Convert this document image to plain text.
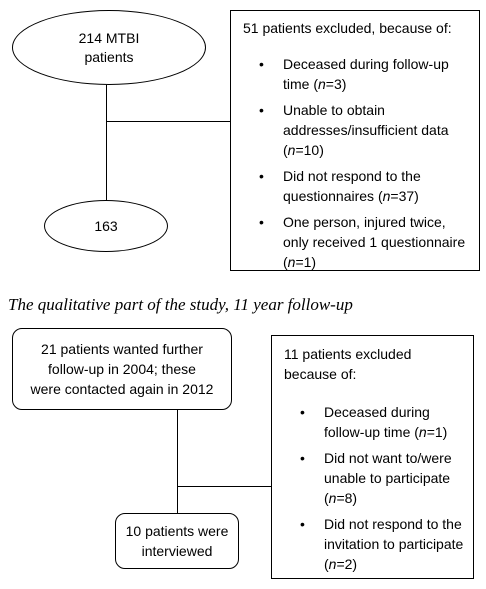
214 MTBI
patients
163

51 patients excluded, because of:

• Deceased during follow-up time (n=3)
• Unable to obtain addresses/insufficient data (n=10)
• Did not respond to the questionnaires (n=37)
• One person, injured twice, only received 1 questionnaire (n=1)
The qualitative part of the study, 11 year follow-up
21 patients wanted further
follow-up in 2004; these
were contacted again in 2012
10 patients were
interviewed
11 patients excluded
because of:
• Deceased during follow-up time (n=1)
• Did not want to/were unable to participate (n=8)
• Did not respond to the invitation to participate (n=2)
